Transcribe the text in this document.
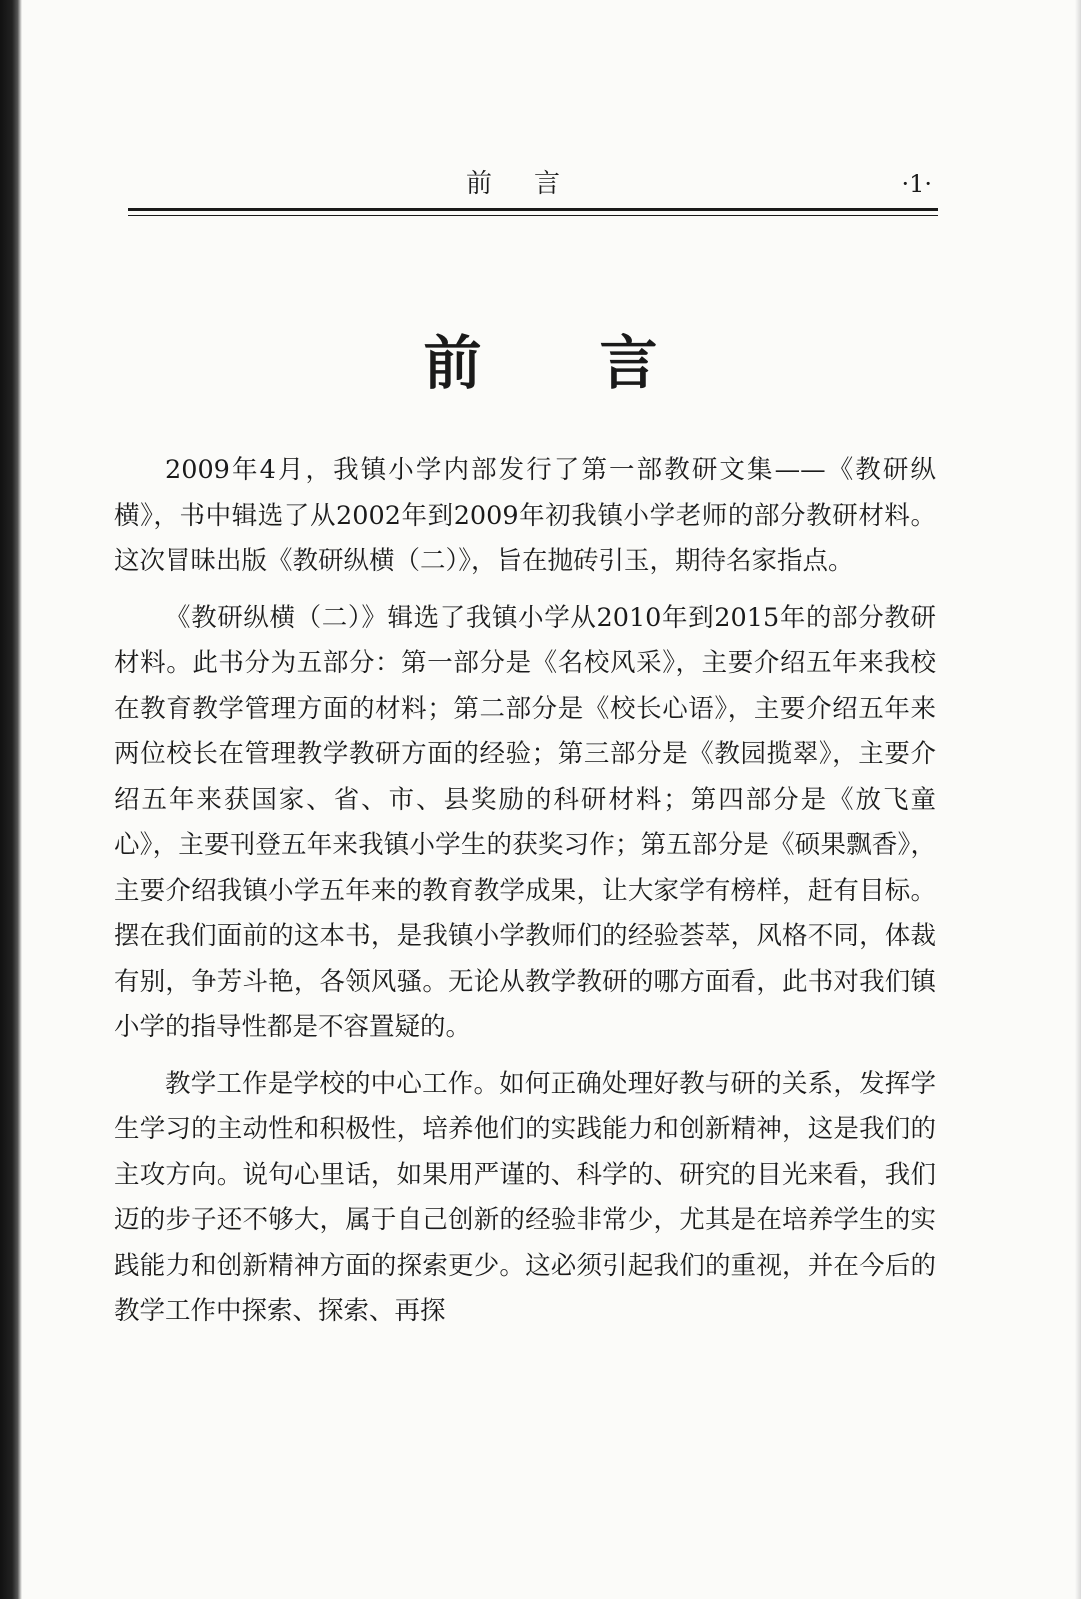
前言	·1·
前言

2009年4月，我镇小学内部发行了第一部教研文集——《教研纵横》，书中辑选了从2002年到2009年初我镇小学老师的部分教研材料。这次冒昧出版《教研纵横（二）》，旨在抛砖引玉，期待名家指点。

《教研纵横（二）》辑选了我镇小学从2010年到2015年的部分教研材料。此书分为五部分：第一部分是《名校风采》，主要介绍五年来我校在教育教学管理方面的材料；第二部分是《校长心语》，主要介绍五年来两位校长在管理教学教研方面的经验；第三部分是《教园揽翠》，主要介绍五年来获国家、省、市、县奖励的科研材料；第四部分是《放飞童心》，主要刊登五年来我镇小学生的获奖习作；第五部分是《硕果飘香》，主要介绍我镇小学五年来的教育教学成果，让大家学有榜样，赶有目标。摆在我们面前的这本书，是我镇小学教师们的经验荟萃，风格不同，体裁有别，争芳斗艳，各领风骚。无论从教学教研的哪方面看，此书对我们镇小学的指导性都是不容置疑的。

教学工作是学校的中心工作。如何正确处理好教与研的关系，发挥学生学习的主动性和积极性，培养他们的实践能力和创新精神，这是我们的主攻方向。说句心里话，如果用严谨的、科学的、研究的目光来看，我们迈的步子还不够大，属于自己创新的经验非常少，尤其是在培养学生的实践能力和创新精神方面的探索更少。这必须引起我们的重视，并在今后的教学工作中探索、探索、再探
